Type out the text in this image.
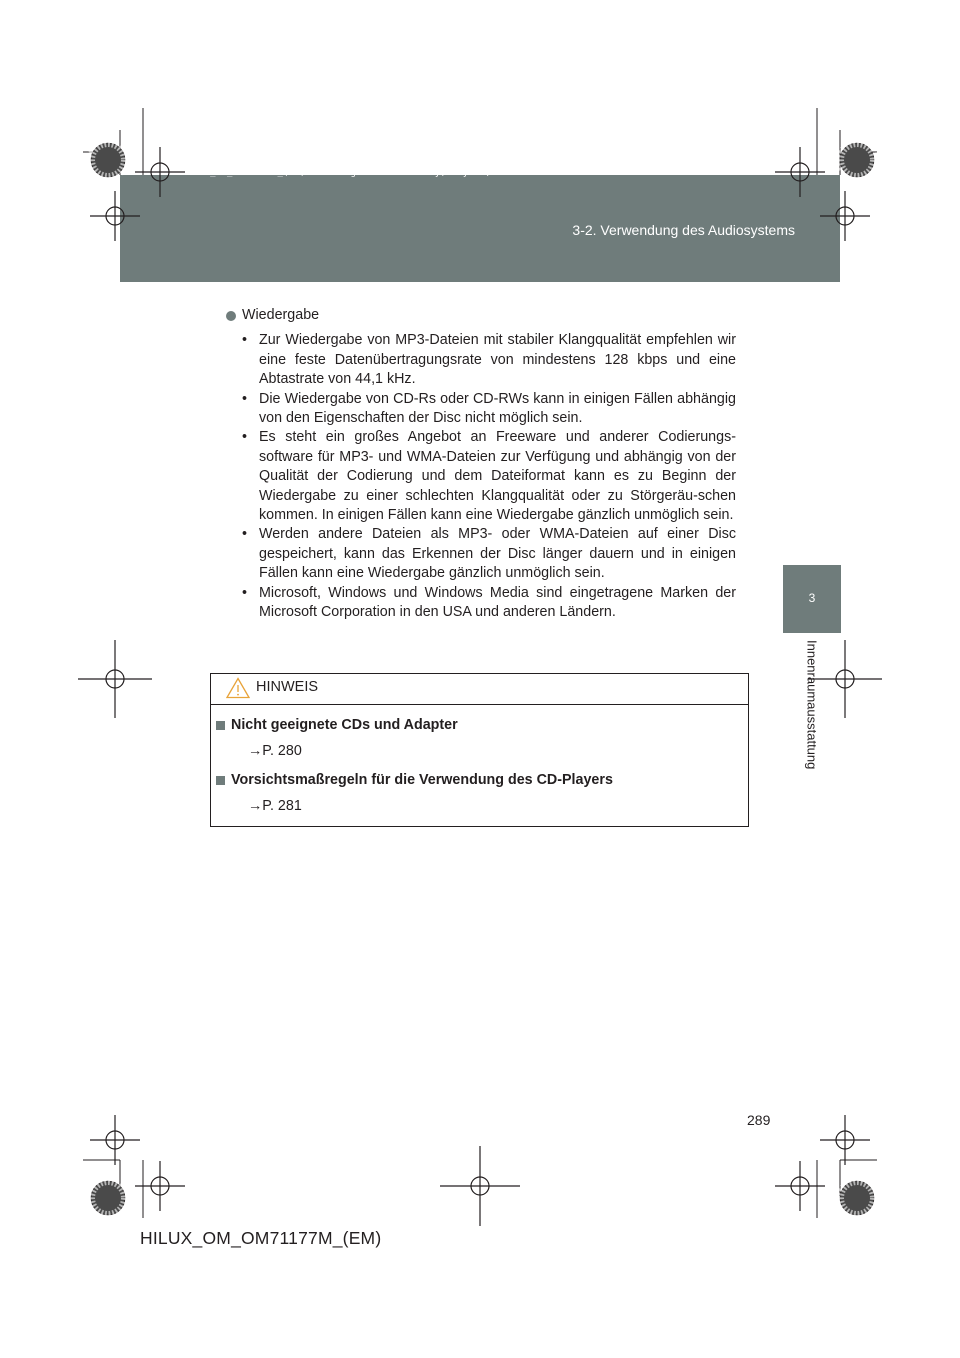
HILUX_OM_OM71177M_(EM).book Page 289 Wednesday, May 16, 2012 1:28 PM
3-2. Verwendung des Audiosystems
3
Innenraumausstattung
Wiedergabe
• Zur Wiedergabe von MP3-Dateien mit stabiler Klangqualität empfehlen wir eine feste Datenübertragungsrate von mindestens 128 kbps und eine Abtastrate von 44,1 kHz.
• Die Wiedergabe von CD-Rs oder CD-RWs kann in einigen Fällen abhängig von den Eigenschaften der Disc nicht möglich sein.
• Es steht ein großes Angebot an Freeware und anderer Codierungs-software für MP3- und WMA-Dateien zur Verfügung und abhängig von der Qualität der Codierung und dem Dateiformat kann es zu Beginn der Wiedergabe zu einer schlechten Klangqualität oder zu Störgeräu-schen kommen. In einigen Fällen kann eine Wiedergabe gänzlich unmöglich sein.
• Werden andere Dateien als MP3- oder WMA-Dateien auf einer Disc gespeichert, kann das Erkennen der Disc länger dauern und in einigen Fällen kann eine Wiedergabe gänzlich unmöglich sein.
• Microsoft, Windows und Windows Media sind eingetragene Marken der Microsoft Corporation in den USA und anderen Ländern.
HINWEIS
Nicht geeignete CDs und Adapter
→P. 280
Vorsichtsmaßregeln für die Verwendung des CD-Players
→P. 281
289
HILUX_OM_OM71177M_(EM)
